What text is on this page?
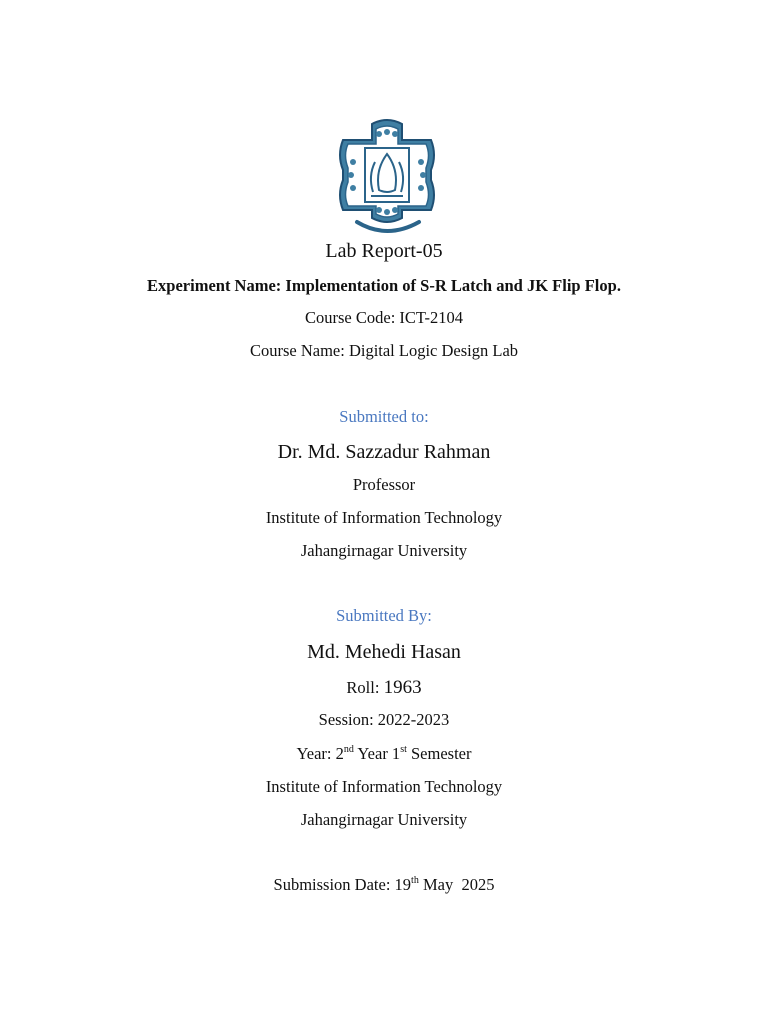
Lab Report-05
Experiment Name: Implementation of S-R Latch and JK Flip Flop.
Course Code: ICT-2104
Course Name: Digital Logic Design Lab
Submitted to:
Dr. Md. Sazzadur Rahman
Professor
Institute of Information Technology
Jahangirnagar University
Submitted By:
Md. Mehedi Hasan
Roll: 1963
Session: 2022-2023
Year: 2nd Year 1st Semester
Institute of Information Technology
Jahangirnagar University
Submission Date: 19th May  2025
